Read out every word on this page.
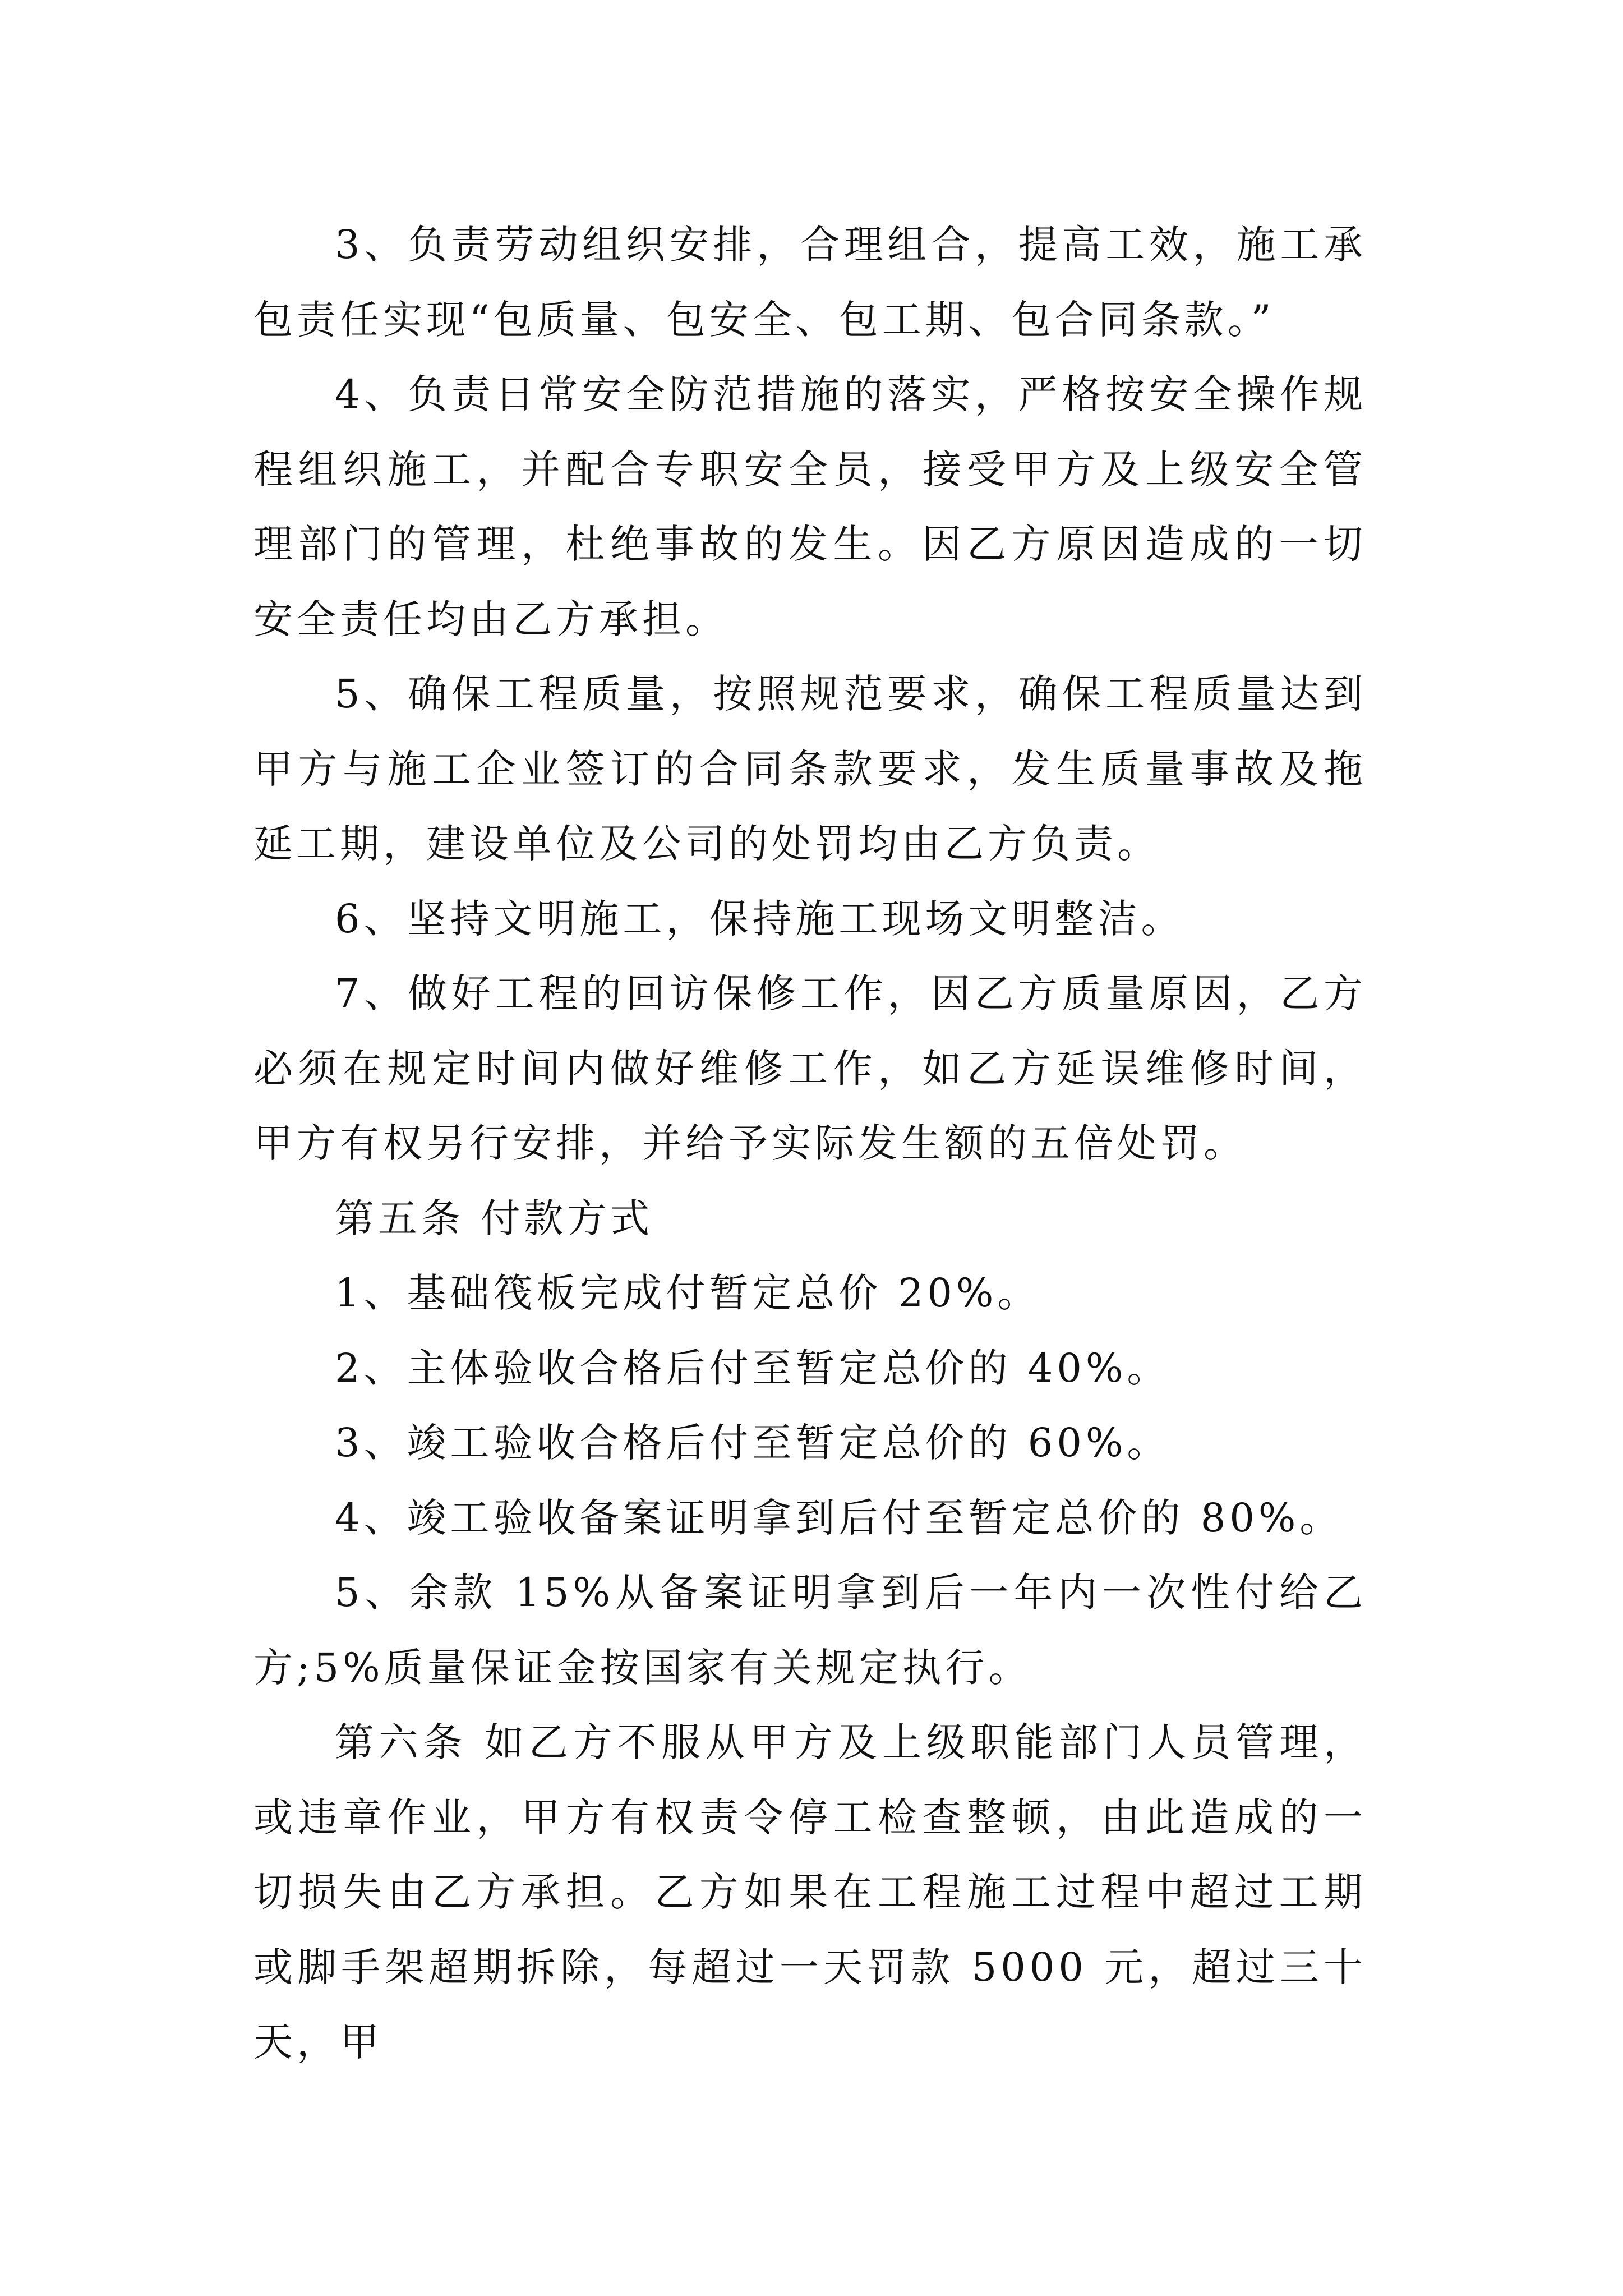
3、负责劳动组织安排，合理组合，提高工效，施工承包责任实现“包质量、包安全、包工期、包合同条款。”

4、负责日常安全防范措施的落实，严格按安全操作规程组织施工，并配合专职安全员，接受甲方及上级安全管理部门的管理，杜绝事故的发生。因乙方原因造成的一切安全责任均由乙方承担。

5、确保工程质量，按照规范要求，确保工程质量达到甲方与施工企业签订的合同条款要求，发生质量事故及拖延工期，建设单位及公司的处罚均由乙方负责。

6、坚持文明施工，保持施工现场文明整洁。

7、做好工程的回访保修工作，因乙方质量原因，乙方必须在规定时间内做好维修工作，如乙方延误维修时间，甲方有权另行安排，并给予实际发生额的五倍处罚。

第五条 付款方式

1、基础筏板完成付暂定总价 20%。

2、主体验收合格后付至暂定总价的 40%。

3、竣工验收合格后付至暂定总价的 60%。

4、竣工验收备案证明拿到后付至暂定总价的 80%。

5、余款 15%从备案证明拿到后一年内一次性付给乙方;5%质量保证金按国家有关规定执行。

第六条 如乙方不服从甲方及上级职能部门人员管理，或违章作业，甲方有权责令停工检查整顿，由此造成的一切损失由乙方承担。乙方如果在工程施工过程中超过工期或脚手架超期拆除，每超过一天罚款 5000 元，超过三十天，甲
